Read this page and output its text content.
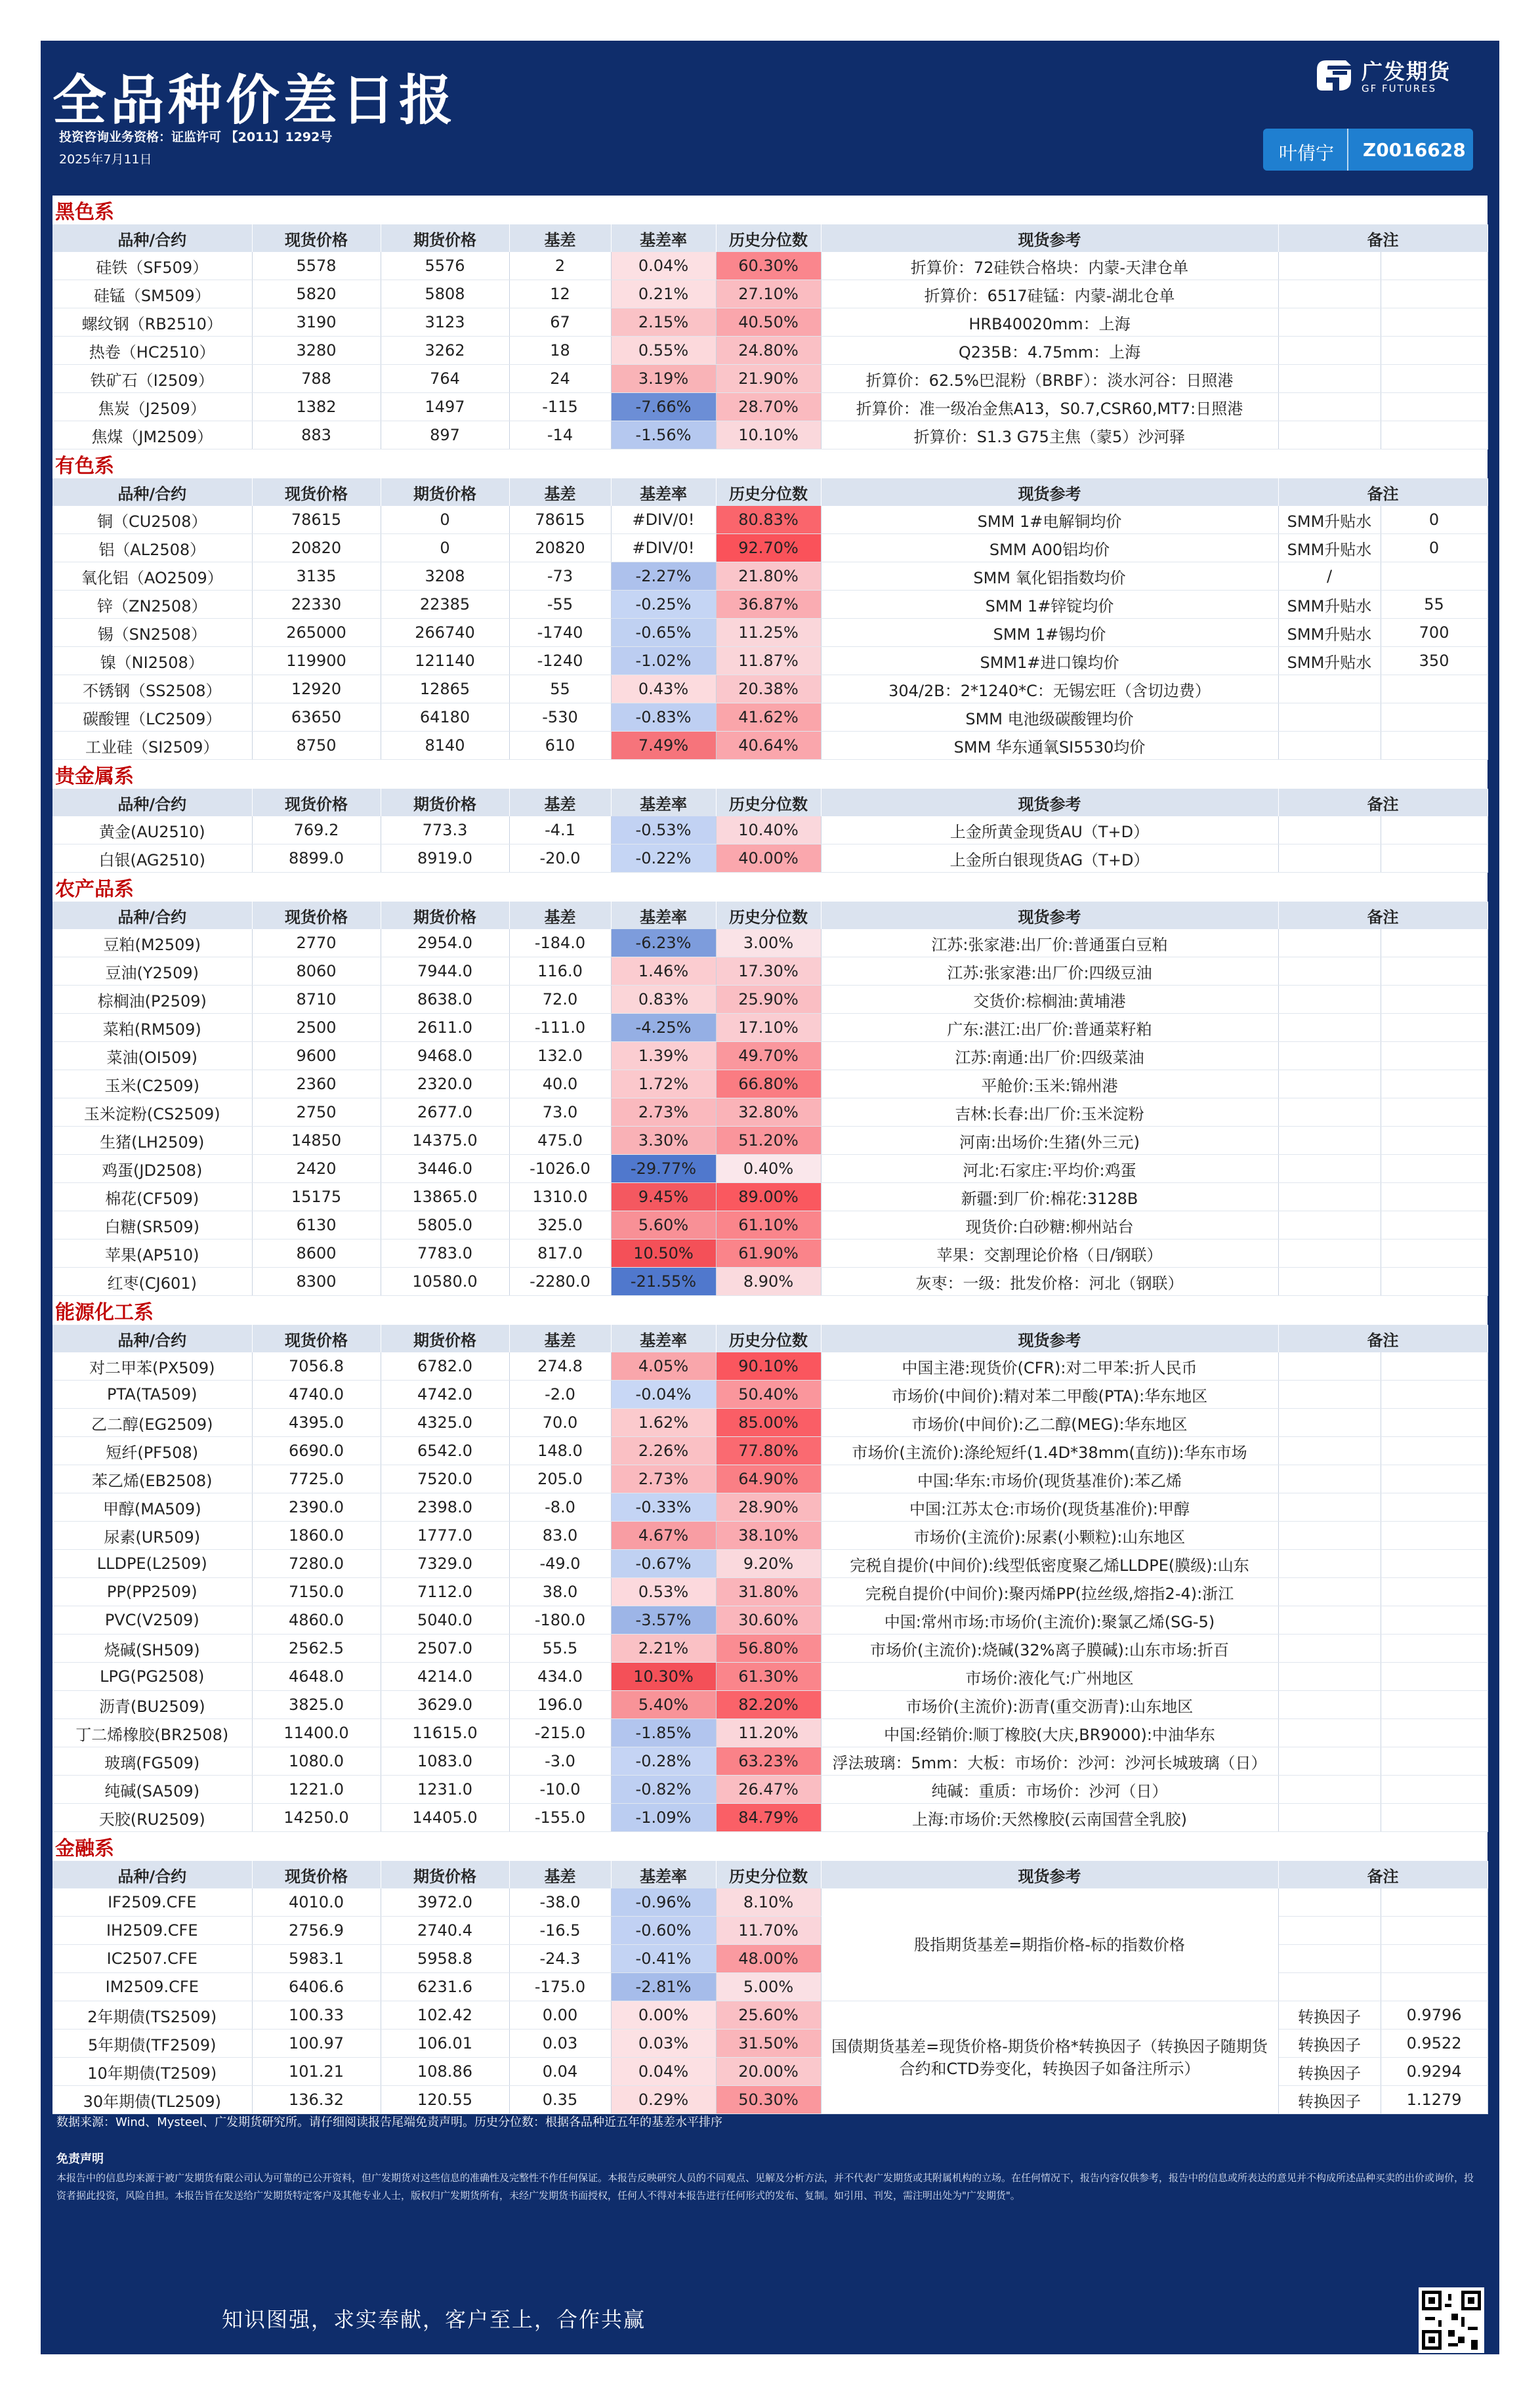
全品种价差日报
投资咨询业务资格：证监许可 【2011】1292号
2025年7月11日
广发期货
GF FUTURES
叶倩宁 Z0016628
黑色系								
品种/合约	现货价格	期货价格	基差	基差率	历史分位数	现货参考	备注	
硅铁（SF509）	5578	5576	2	0.04%	60.30%	折算价：72硅铁合格块：内蒙-天津仓单		
硅锰（SM509）	5820	5808	12	0.21%	27.10%	折算价：6517硅锰：内蒙-湖北仓单		
螺纹钢（RB2510）	3190	3123	67	2.15%	40.50%	HRB40020mm：上海		
热卷（HC2510）	3280	3262	18	0.55%	24.80%	Q235B：4.75mm：上海		
铁矿石（I2509）	788	764	24	3.19%	21.90%	折算价：62.5%巴混粉（BRBF）：淡水河谷：日照港		
焦炭（J2509）	1382	1497	-115	-7.66%	28.70%	折算价：准一级冶金焦A13，S0.7,CSR60,MT7:日照港		
焦煤（JM2509）	883	897	-14	-1.56%	10.10%	折算价：S1.3 G75主焦（蒙5）沙河驿		
有色系								
品种/合约	现货价格	期货价格	基差	基差率	历史分位数	现货参考	备注	
铜（CU2508）	78615	0	78615	#DIV/0!	80.83%	SMM 1#电解铜均价	SMM升贴水	0
铝（AL2508）	20820	0	20820	#DIV/0!	92.70%	SMM A00铝均价	SMM升贴水	0
氧化铝（AO2509）	3135	3208	-73	-2.27%	21.80%	SMM 氧化铝指数均价	/	
锌（ZN2508）	22330	22385	-55	-0.25%	36.87%	SMM 1#锌锭均价	SMM升贴水	55
锡（SN2508）	265000	266740	-1740	-0.65%	11.25%	SMM 1#锡均价	SMM升贴水	700
镍（NI2508）	119900	121140	-1240	-1.02%	11.87%	SMM1#进口镍均价	SMM升贴水	350
不锈钢（SS2508）	12920	12865	55	0.43%	20.38%	304/2B：2*1240*C：无锡宏旺（含切边费）		
碳酸锂（LC2509）	63650	64180	-530	-0.83%	41.62%	SMM 电池级碳酸锂均价		
工业硅（SI2509）	8750	8140	610	7.49%	40.64%	SMM 华东通氧SI5530均价		
贵金属系								
品种/合约	现货价格	期货价格	基差	基差率	历史分位数	现货参考	备注	
黄金(AU2510)	769.2	773.3	-4.1	-0.53%	10.40%	上金所黄金现货AU（T+D）		
白银(AG2510)	8899.0	8919.0	-20.0	-0.22%	40.00%	上金所白银现货AG（T+D）		
农产品系								
品种/合约	现货价格	期货价格	基差	基差率	历史分位数	现货参考	备注	
豆粕(M2509)	2770	2954.0	-184.0	-6.23%	3.00%	江苏:张家港:出厂价:普通蛋白豆粕		
豆油(Y2509)	8060	7944.0	116.0	1.46%	17.30%	江苏:张家港:出厂价:四级豆油		
棕榈油(P2509)	8710	8638.0	72.0	0.83%	25.90%	交货价:棕榈油:黄埔港		
菜粕(RM509)	2500	2611.0	-111.0	-4.25%	17.10%	广东:湛江:出厂价:普通菜籽粕		
菜油(OI509)	9600	9468.0	132.0	1.39%	49.70%	江苏:南通:出厂价:四级菜油		
玉米(C2509)	2360	2320.0	40.0	1.72%	66.80%	平舱价:玉米:锦州港		
玉米淀粉(CS2509)	2750	2677.0	73.0	2.73%	32.80%	吉林:长春:出厂价:玉米淀粉		
生猪(LH2509)	14850	14375.0	475.0	3.30%	51.20%	河南:出场价:生猪(外三元)		
鸡蛋(JD2508)	2420	3446.0	-1026.0	-29.77%	0.40%	河北:石家庄:平均价:鸡蛋		
棉花(CF509)	15175	13865.0	1310.0	9.45%	89.00%	新疆:到厂价:棉花:3128B		
白糖(SR509)	6130	5805.0	325.0	5.60%	61.10%	现货价:白砂糖:柳州站台		
苹果(AP510)	8600	7783.0	817.0	10.50%	61.90%	苹果：交割理论价格（日/钢联）		
红枣(CJ601)	8300	10580.0	-2280.0	-21.55%	8.90%	灰枣：一级：批发价格：河北（钢联）		
能源化工系								
品种/合约	现货价格	期货价格	基差	基差率	历史分位数	现货参考	备注	
对二甲苯(PX509)	7056.8	6782.0	274.8	4.05%	90.10%	中国主港:现货价(CFR):对二甲苯:折人民币		
PTA(TA509)	4740.0	4742.0	-2.0	-0.04%	50.40%	市场价(中间价):精对苯二甲酸(PTA):华东地区		
乙二醇(EG2509)	4395.0	4325.0	70.0	1.62%	85.00%	市场价(中间价):乙二醇(MEG):华东地区		
短纤(PF508)	6690.0	6542.0	148.0	2.26%	77.80%	市场价(主流价):涤纶短纤(1.4D*38mm(直纺)):华东市场		
苯乙烯(EB2508)	7725.0	7520.0	205.0	2.73%	64.90%	中国:华东:市场价(现货基准价):苯乙烯		
甲醇(MA509)	2390.0	2398.0	-8.0	-0.33%	28.90%	中国:江苏太仓:市场价(现货基准价):甲醇		
尿素(UR509)	1860.0	1777.0	83.0	4.67%	38.10%	市场价(主流价):尿素(小颗粒):山东地区		
LLDPE(L2509)	7280.0	7329.0	-49.0	-0.67%	9.20%	完税自提价(中间价):线型低密度聚乙烯LLDPE(膜级):山东		
PP(PP2509)	7150.0	7112.0	38.0	0.53%	31.80%	完税自提价(中间价):聚丙烯PP(拉丝级,熔指2-4):浙江		
PVC(V2509)	4860.0	5040.0	-180.0	-3.57%	30.60%	中国:常州市场:市场价(主流价):聚氯乙烯(SG-5)		
烧碱(SH509)	2562.5	2507.0	55.5	2.21%	56.80%	市场价(主流价):烧碱(32%离子膜碱):山东市场:折百		
LPG(PG2508)	4648.0	4214.0	434.0	10.30%	61.30%	市场价:液化气:广州地区		
沥青(BU2509)	3825.0	3629.0	196.0	5.40%	82.20%	市场价(主流价):沥青(重交沥青):山东地区		
丁二烯橡胶(BR2508)	11400.0	11615.0	-215.0	-1.85%	11.20%	中国:经销价:顺丁橡胶(大庆,BR9000):中油华东		
玻璃(FG509)	1080.0	1083.0	-3.0	-0.28%	63.23%	浮法玻璃：5mm：大板：市场价：沙河：沙河长城玻璃（日）		
纯碱(SA509)	1221.0	1231.0	-10.0	-0.82%	26.47%	纯碱：重质：市场价：沙河（日）		
天胶(RU2509)	14250.0	14405.0	-155.0	-1.09%	84.79%	上海:市场价:天然橡胶(云南国营全乳胶)		
金融系								
品种/合约	现货价格	期货价格	基差	基差率	历史分位数	现货参考	备注	
IF2509.CFE	4010.0	3972.0	-38.0	-0.96%	8.10%	股指期货基差=期指价格-标的指数价格		
IH2509.CFE	2756.9	2740.4	-16.5	-0.60%	11.70%			
IC2507.CFE	5983.1	5958.8	-24.3	-0.41%	48.00%			
IM2509.CFE	6406.6	6231.6	-175.0	-2.81%	5.00%			
2年期债(TS2509)	100.33	102.42	0.00	0.00%	25.60%	国债期货基差=现货价格-期货价格*转换因子（转换因子随期货合约和CTD券变化，转换因子如备注所示）	转换因子	0.9796
5年期债(TF2509)	100.97	106.01	0.03	0.03%	31.50%		转换因子	0.9522
10年期债(T2509)	101.21	108.86	0.04	0.04%	20.00%		转换因子	0.9294
30年期债(TL2509)	136.32	120.55	0.35	0.29%	50.30%		转换因子	1.1279
数据来源：Wind、Mysteel、广发期货研究所。请仔细阅读报告尾端免责声明。历史分位数：根据各品种近五年的基差水平排序
免责声明
本报告中的信息均来源于被广发期货有限公司认为可靠的已公开资料，但广发期货对这些信息的准确性及完整性不作任何保证。本报告反映研究人员的不同观点、见解及分析方法，并不代表广发期货或其附属机构的立场。在任何情况下，报告内容仅供参考，报告中的信息或所表达的意见并不构成所述品种买卖的出价或询价，投资者据此投资，风险自担。本报告旨在发送给广发期货特定客户及其他专业人士，版权归广发期货所有，未经广发期货书面授权，任何人不得对本报告进行任何形式的发布、复制。如引用、刊发，需注明出处为"广发期货"。
知识图强，求实奉献，客户至上，合作共赢
关注微信公众号
